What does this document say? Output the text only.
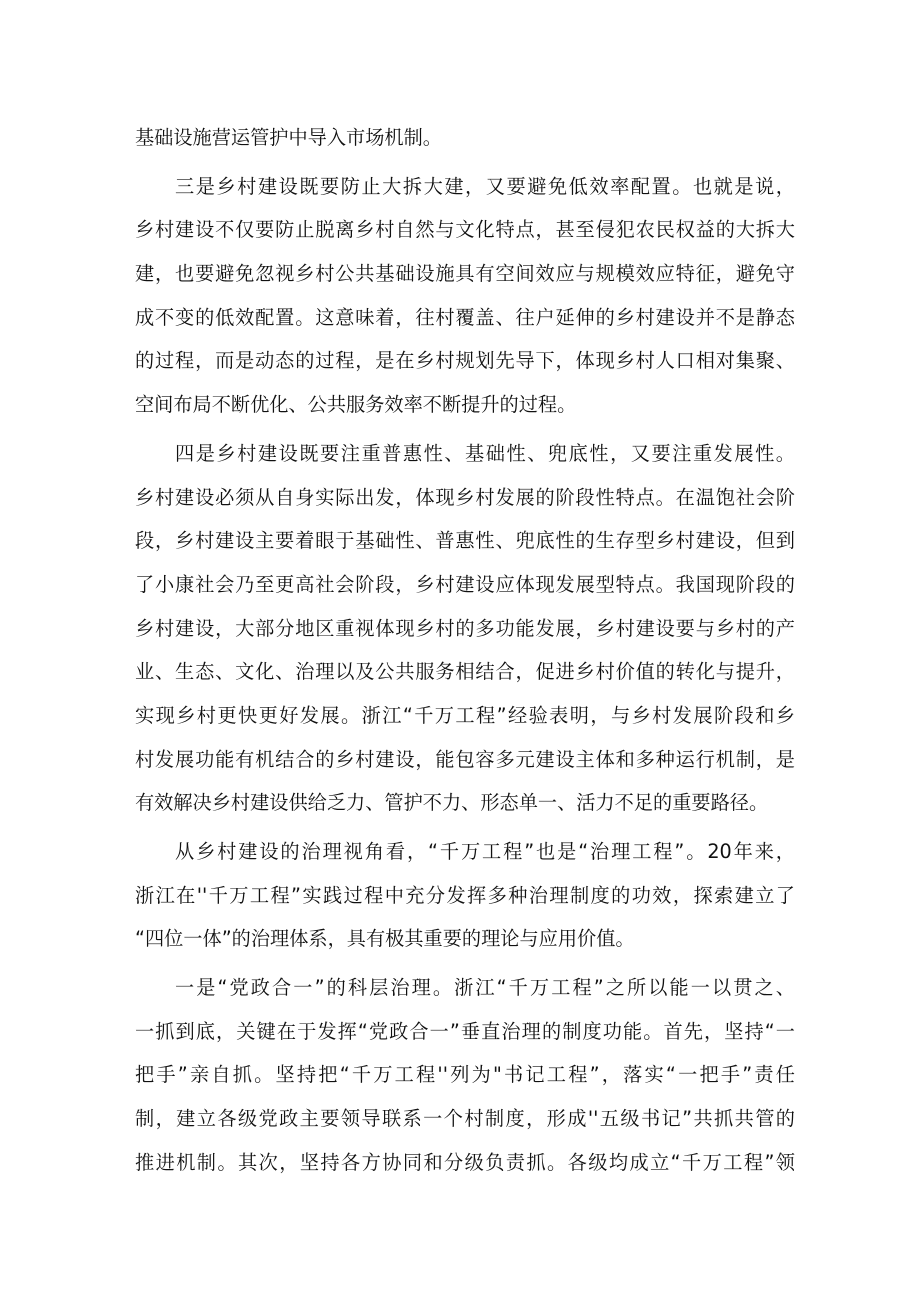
基础设施营运管护中导入市场机制。
三是乡村建设既要防止大拆大建，又要避免低效率配置。也就是说，
乡村建设不仅要防止脱离乡村自然与文化特点，甚至侵犯农民权益的大拆大
建，也要避免忽视乡村公共基础设施具有空间效应与规模效应特征，避免守
成不变的低效配置。这意味着，往村覆盖、往户延伸的乡村建设并不是静态
的过程，而是动态的过程，是在乡村规划先导下，体现乡村人口相对集聚、
空间布局不断优化、公共服务效率不断提升的过程。
四是乡村建设既要注重普惠性、基础性、兜底性，又要注重发展性。
乡村建设必须从自身实际出发，体现乡村发展的阶段性特点。在温饱社会阶
段，乡村建设主要着眼于基础性、普惠性、兜底性的生存型乡村建设，但到
了小康社会乃至更高社会阶段，乡村建设应体现发展型特点。我国现阶段的
乡村建设，大部分地区重视体现乡村的多功能发展，乡村建设要与乡村的产
业、生态、文化、治理以及公共服务相结合，促进乡村价值的转化与提升，
实现乡村更快更好发展。浙江“千万工程”经验表明，与乡村发展阶段和乡
村发展功能有机结合的乡村建设，能包容多元建设主体和多种运行机制，是
有效解决乡村建设供给乏力、管护不力、形态单一、活力不足的重要路径。
从乡村建设的治理视角看，“千万工程”也是“治理工程”。20年来，
浙江在''千万工程”实践过程中充分发挥多种治理制度的功效，探索建立了
“四位一体”的治理体系，具有极其重要的理论与应用价值。
一是“党政合一”的科层治理。浙江“千万工程”之所以能一以贯之、
一抓到底，关键在于发挥“党政合一”垂直治理的制度功能。首先，坚持“一
把手”亲自抓。坚持把“千万工程''列为"书记工程”，落实“一把手”责任
制，建立各级党政主要领导联系一个村制度，形成''五级书记”共抓共管的
推进机制。其次，坚持各方协同和分级负责抓。各级均成立“千万工程”领
